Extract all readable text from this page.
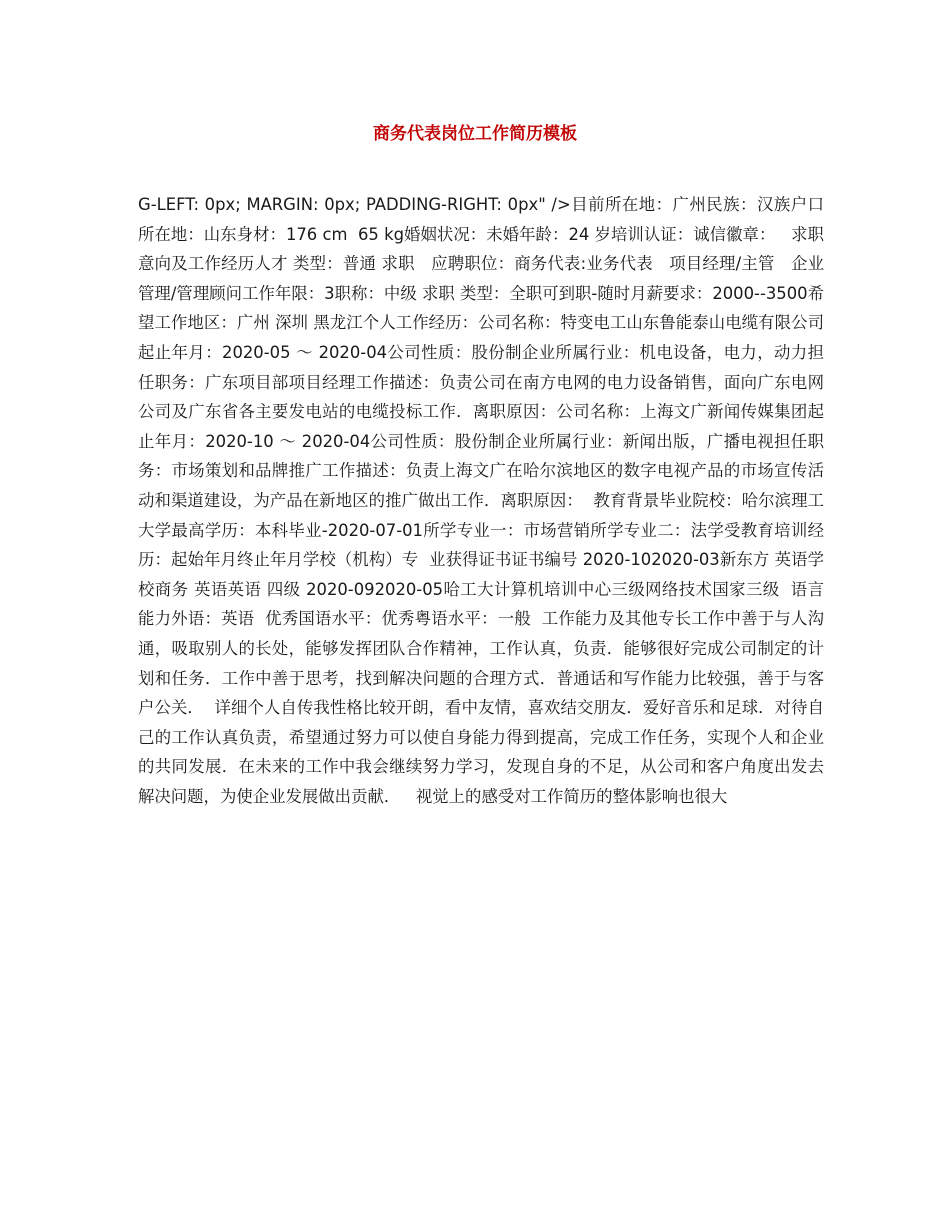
商务代表岗位工作简历模板

G-LEFT: 0px; MARGIN: 0px; PADDING-RIGHT: 0px" />目前所在地：广州民族：汉族户口所在地：山东身材：176 cm  65 kg婚姻状况：未婚年龄：24 岁培训认证：诚信徽章：   求职 意向及工作经历人才 类型：普通 求职   应聘职位：商务代表:业务代表   项目经理/主管   企业管理/管理顾问工作年限：3职称：中级 求职 类型：全职可到职-随时月薪要求：2000--3500希望工作地区：广州 深圳 黑龙江个人工作经历：公司名称：特变电工山东鲁能泰山电缆有限公司起止年月：2020-05 ～ 2020-04公司性质：股份制企业所属行业：机电设备，电力，动力担任职务：广东项目部项目经理工作描述：负责公司在南方电网的电力设备销售，面向广东电网公司及广东省各主要发电站的电缆投标工作．离职原因：公司名称：上海文广新闻传媒集团起止年月：2020-10 ～ 2020-04公司性质：股份制企业所属行业：新闻出版，广播电视担任职务：市场策划和品牌推广工作描述：负责上海文广在哈尔滨地区的数字电视产品的市场宣传活动和渠道建设，为产品在新地区的推广做出工作．离职原因：  教育背景毕业院校：哈尔滨理工大学最高学历：本科毕业-2020-07-01所学专业一：市场营销所学专业二：法学受教育培训经历：起始年月终止年月学校（机构）专  业获得证书证书编号 2020-102020-03新东方 英语学校商务 英语英语 四级 2020-092020-05哈工大计算机培训中心三级网络技术国家三级  语言能力外语：英语  优秀国语水平：优秀粤语水平：一般  工作能力及其他专长工作中善于与人沟通，吸取别人的长处，能够发挥团队合作精神，工作认真，负责．能够很好完成公司制定的计划和任务．工作中善于思考，找到解决问题的合理方式．普通话和写作能力比较强，善于与客户公关．  详细个人自传我性格比较开朗，看中友情，喜欢结交朋友．爱好音乐和足球．对待自己的工作认真负责，希望通过努力可以使自身能力得到提高，完成工作任务，实现个人和企业的共同发展．在未来的工作中我会继续努力学习，发现自身的不足，从公司和客户角度出发去解决问题，为使企业发展做出贡献．   视觉上的感受对工作简历的整体影响也很大
